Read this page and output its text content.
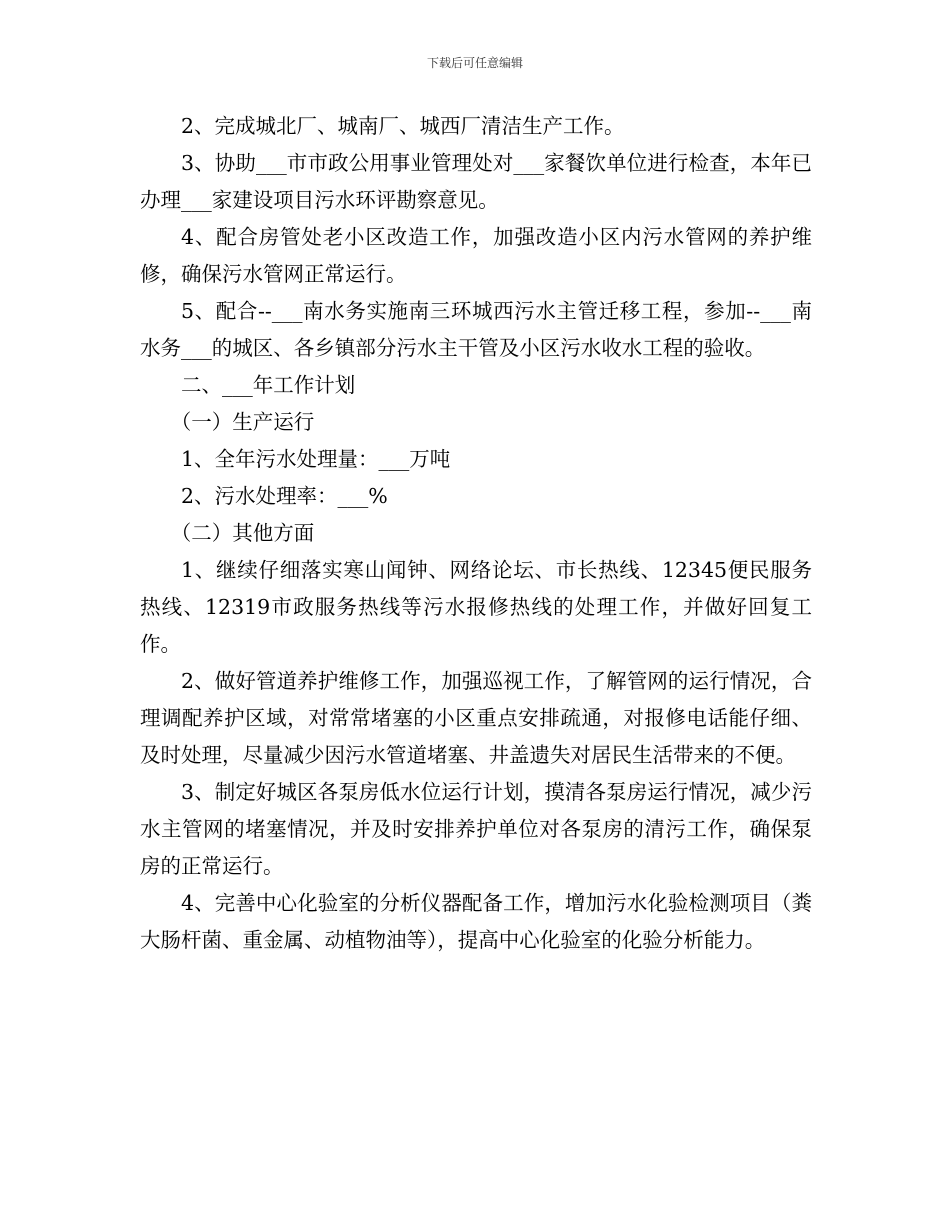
下载后可任意编辑

2、完成城北厂、城南厂、城西厂清洁生产工作。

3、协助___市市政公用事业管理处对___家餐饮单位进行检查，本年已办理___家建设项目污水环评勘察意见。

4、配合房管处老小区改造工作，加强改造小区内污水管网的养护维修，确保污水管网正常运行。

5、配合--___南水务实施南三环城西污水主管迁移工程，参加--___南水务___的城区、各乡镇部分污水主干管及小区污水收水工程的验收。

二、___年工作计划

（一）生产运行

1、全年污水处理量：___万吨

2、污水处理率：___%

（二）其他方面

1、继续仔细落实寒山闻钟、网络论坛、市长热线、12345便民服务热线、12319市政服务热线等污水报修热线的处理工作，并做好回复工作。

2、做好管道养护维修工作，加强巡视工作，了解管网的运行情况，合理调配养护区域，对常常堵塞的小区重点安排疏通，对报修电话能仔细、及时处理，尽量减少因污水管道堵塞、井盖遗失对居民生活带来的不便。

3、制定好城区各泵房低水位运行计划，摸清各泵房运行情况，减少污水主管网的堵塞情况，并及时安排养护单位对各泵房的清污工作，确保泵房的正常运行。

4、完善中心化验室的分析仪器配备工作，增加污水化验检测项目（粪大肠杆菌、重金属、动植物油等），提高中心化验室的化验分析能力。
